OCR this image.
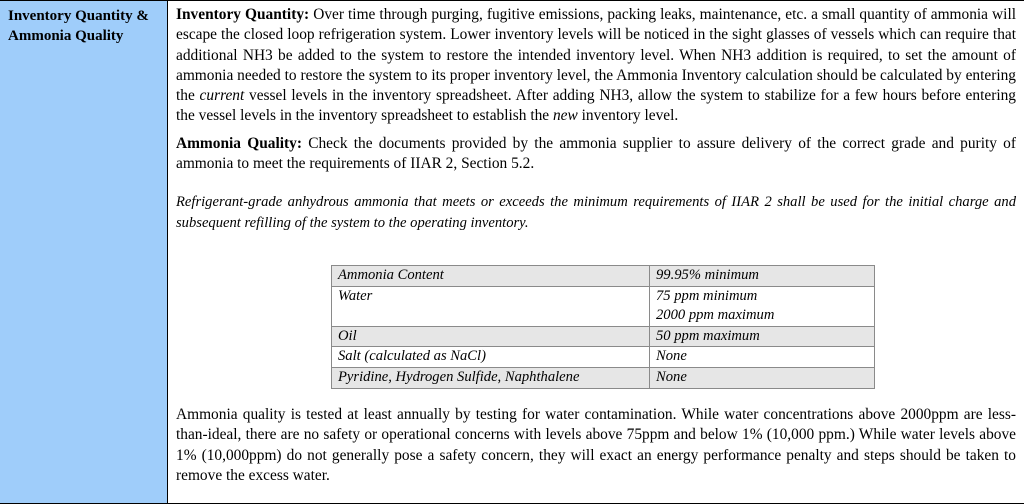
Inventory Quantity & Ammonia Quality

Inventory Quantity: Over time through purging, fugitive emissions, packing leaks, maintenance, etc. a small quantity of ammonia will escape the closed loop refrigeration system. Lower inventory levels will be noticed in the sight glasses of vessels which can require that additional NH3 be added to the system to restore the intended inventory level. When NH3 addition is required, to set the amount of ammonia needed to restore the system to its proper inventory level, the Ammonia Inventory calculation should be calculated by entering the current vessel levels in the inventory spreadsheet. After adding NH3, allow the system to stabilize for a few hours before entering the vessel levels in the inventory spreadsheet to establish the new inventory level.

Ammonia Quality: Check the documents provided by the ammonia supplier to assure delivery of the correct grade and purity of ammonia to meet the requirements of IIAR 2, Section 5.2.

Refrigerant-grade anhydrous ammonia that meets or exceeds the minimum requirements of IIAR 2 shall be used for the initial charge and subsequent refilling of the system to the operating inventory.

Ammonia Content	99.95% minimum

Water	75 ppm minimum
2000 ppm maximum

Oil	50 ppm maximum

Salt (calculated as NaCl)	None

Pyridine, Hydrogen Sulfide, Naphthalene	None

Ammonia quality is tested at least annually by testing for water contamination. While water concentrations above 2000ppm are less-than-ideal, there are no safety or operational concerns with levels above 75ppm and below 1% (10,000 ppm.) While water levels above 1% (10,000ppm) do not generally pose a safety concern, they will exact an energy performance penalty and steps should be taken to remove the excess water.
